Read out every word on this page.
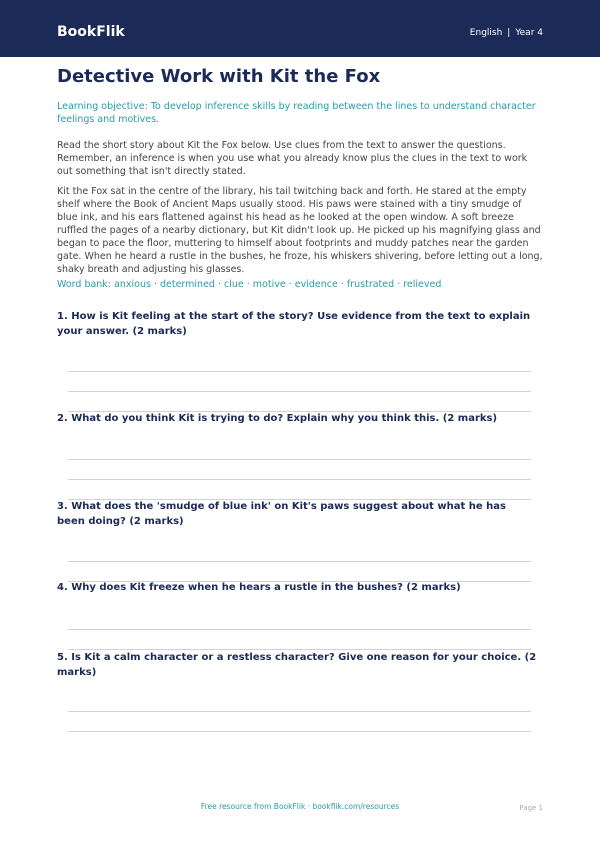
BookFlik	English | Year 4
Detective Work with Kit the Fox

Learning objective: To develop inference skills by reading between the lines to understand character feelings and motives.

Read the short story about Kit the Fox below. Use clues from the text to answer the questions. Remember, an inference is when you use what you already know plus the clues in the text to work out something that isn't directly stated.

Kit the Fox sat in the centre of the library, his tail twitching back and forth. He stared at the empty shelf where the Book of Ancient Maps usually stood. His paws were stained with a tiny smudge of blue ink, and his ears flattened against his head as he looked at the open window. A soft breeze ruffled the pages of a nearby dictionary, but Kit didn't look up. He picked up his magnifying glass and began to pace the floor, muttering to himself about footprints and muddy patches near the garden gate. When he heard a rustle in the bushes, he froze, his whiskers shivering, before letting out a long, shaky breath and adjusting his glasses.

Word bank: anxious · determined · clue · motive · evidence · frustrated · relieved

1. How is Kit feeling at the start of the story? Use evidence from the text to explain your answer. (2 marks)

2. What do you think Kit is trying to do? Explain why you think this. (2 marks)

3. What does the 'smudge of blue ink' on Kit's paws suggest about what he has been doing? (2 marks)

4. Why does Kit freeze when he hears a rustle in the bushes? (2 marks)

5. Is Kit a calm character or a restless character? Give one reason for your choice. (2 marks)

Free resource from BookFlik · bookflik.com/resources	Page 1
